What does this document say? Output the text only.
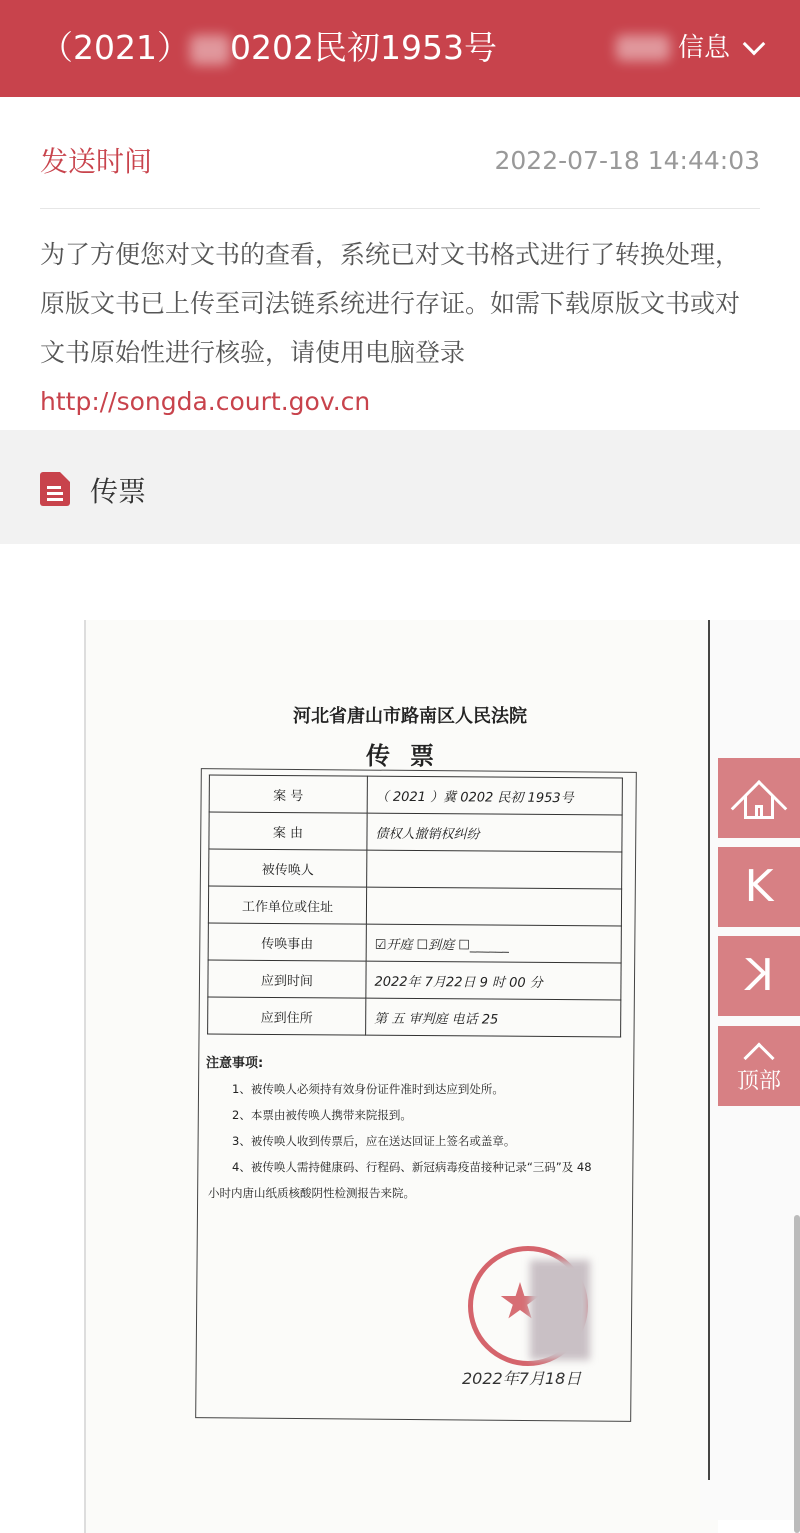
（2021） 0202民初1953号	信息
发送时间	2022-07-18 14:44:03
为了方便您对文书的查看，系统已对文书格式进行了转换处理，原版文书已上传至司法链系统进行存证。如需下载原版文书或对文书原始性进行核验，请使用电脑登录
http://songda.court.gov.cn
传票
河北省唐山市路南区人民法院
传票
案 号	（ 2021 ）冀 0202 民初 1953号
案 由	债权人撤销权纠纷
被传唤人	
工作单位或住址	
传唤事由	☑开庭 ☐到庭 ☐______
应到时间	2022年 7月22日 9 时 00 分
应到住所	第 五 审判庭 电话 25
注意事项:
1、被传唤人必须持有效身份证件准时到达应到处所。
2、本票由被传唤人携带来院报到。
3、被传唤人收到传票后，应在送达回证上签名或盖章。
4、被传唤人需持健康码、行程码、新冠病毒疫苗接种记录“三码”及 48
小时内唐山纸质核酸阴性检测报告来院。
2022年7月18日
K
K
顶部
